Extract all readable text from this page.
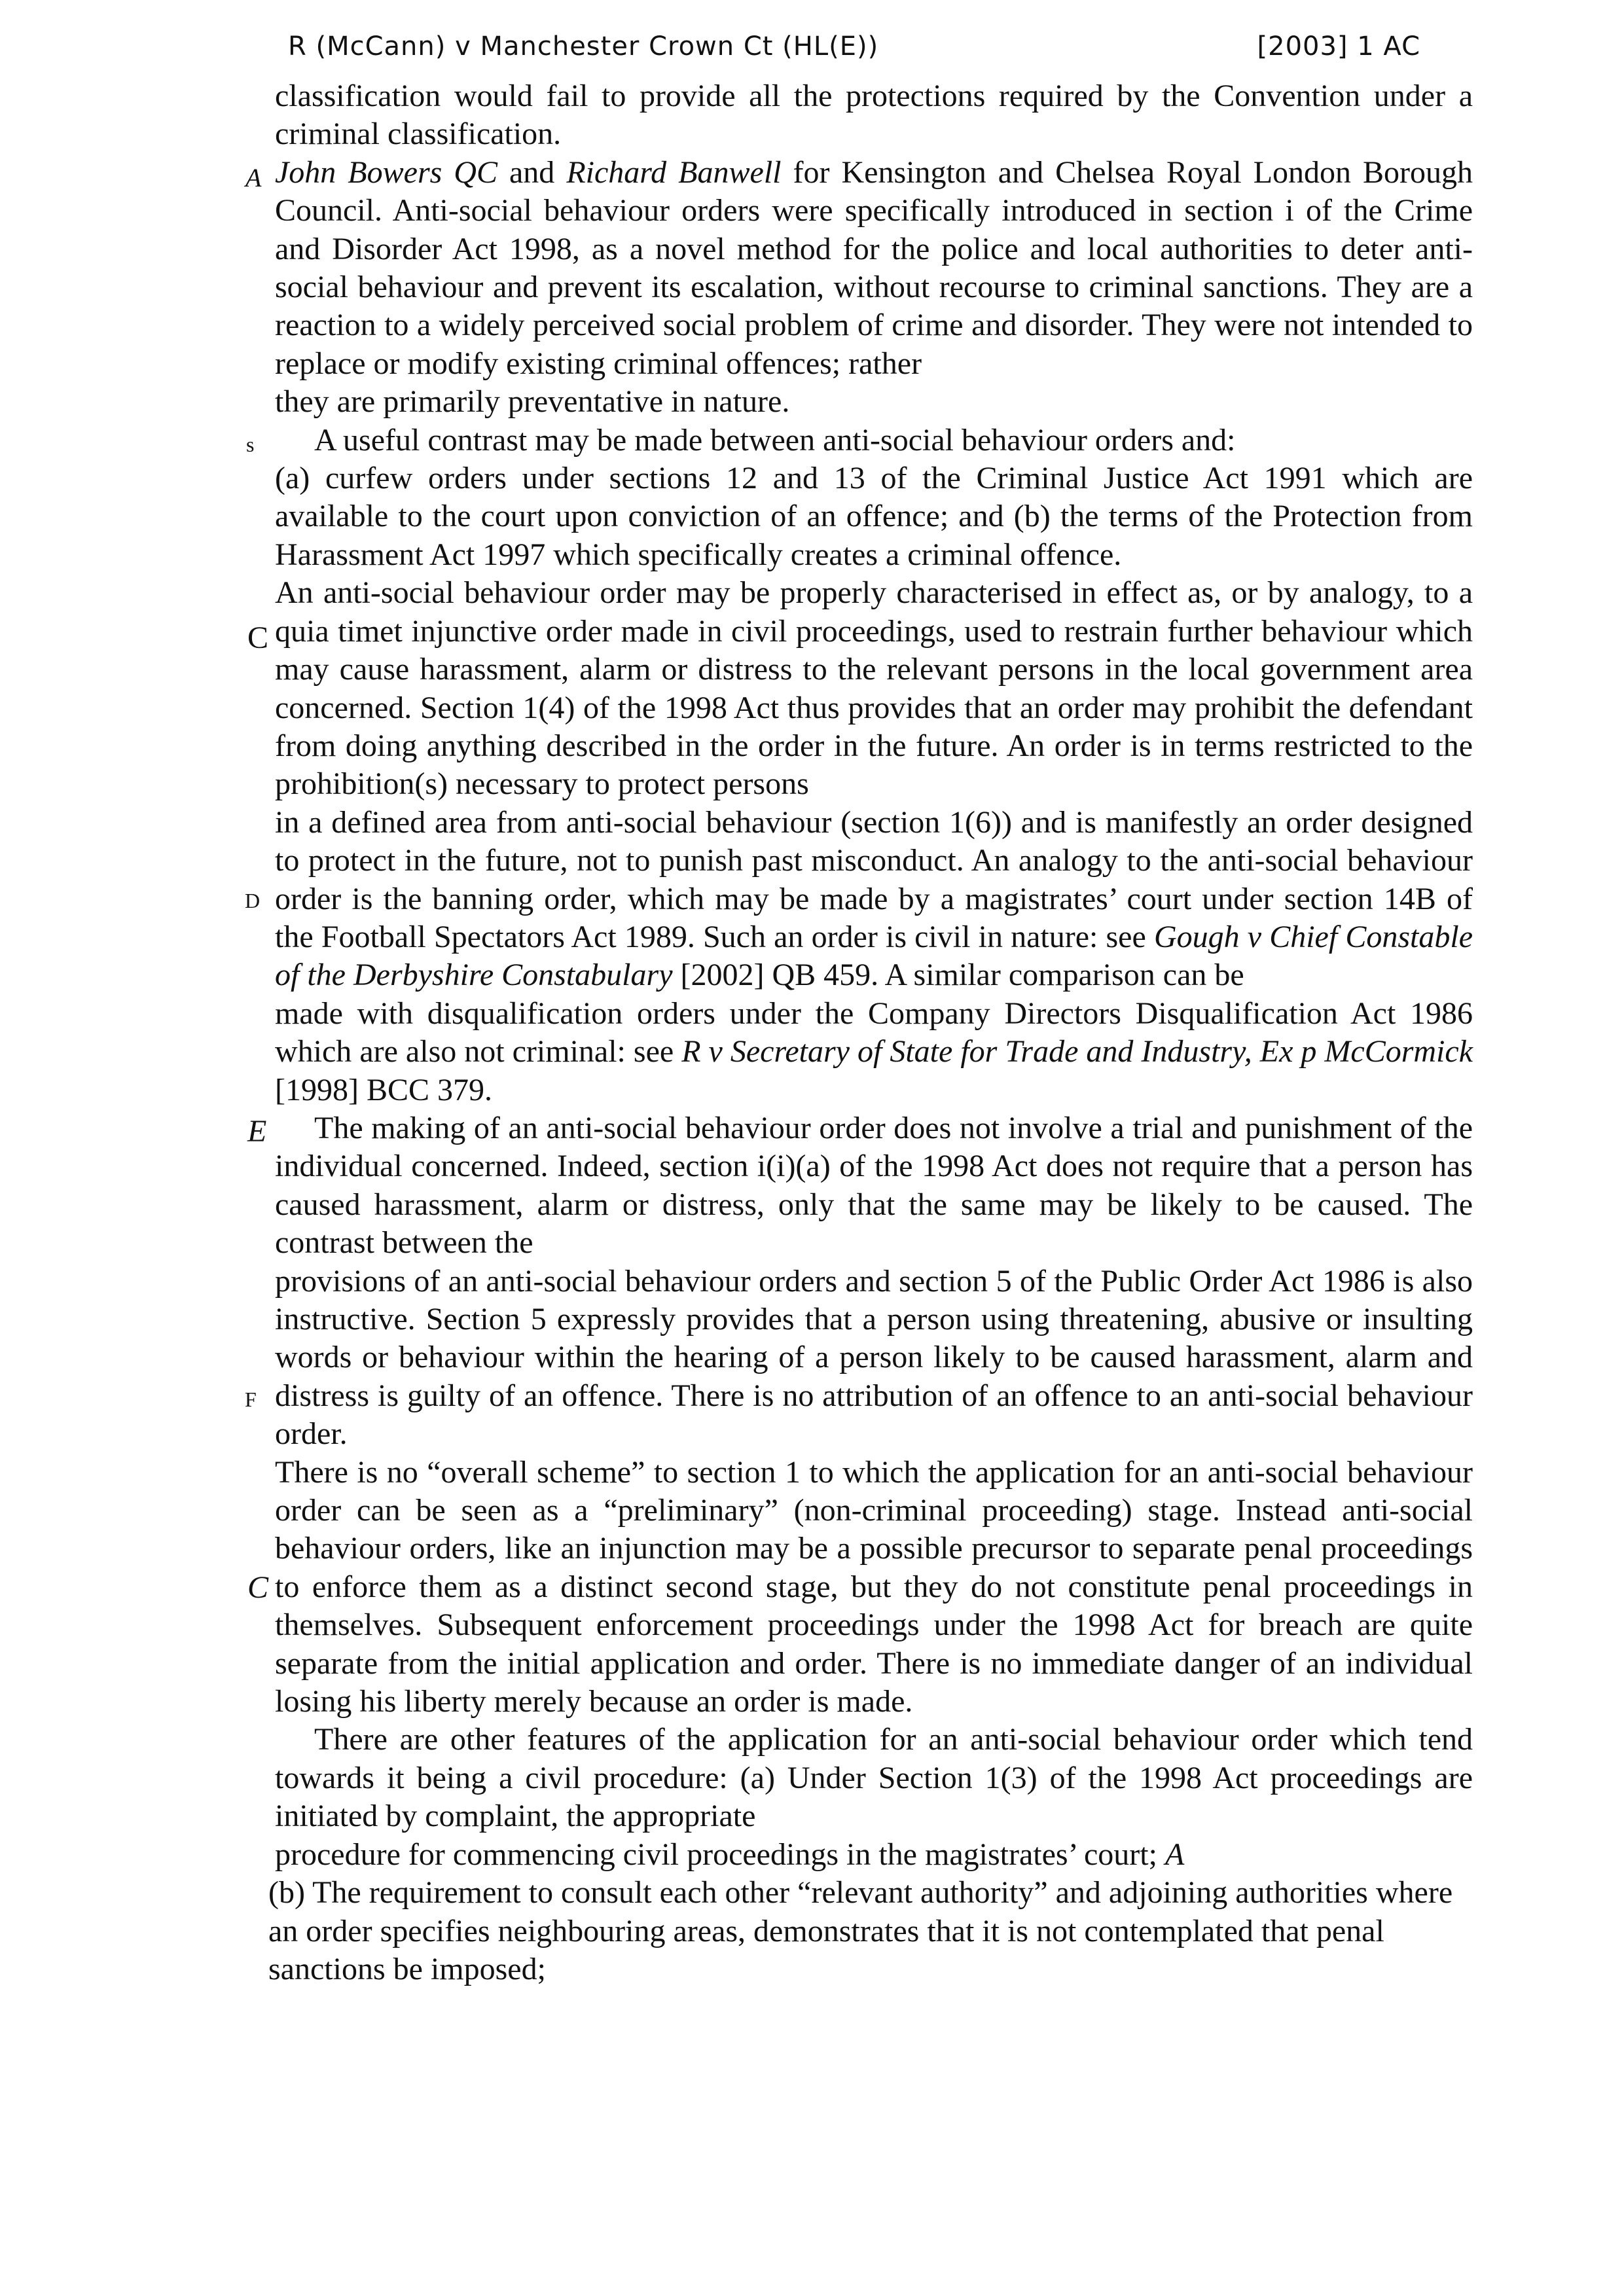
R (McCann) v Manchester Crown Ct (HL(E))	[2003] 1 AC
A
s
C
D
E
F
C

classification would fail to provide all the protections required by the Convention under a criminal classification.

John Bowers QC and Richard Banwell for Kensington and Chelsea Royal London Borough Council. Anti-social behaviour orders were specifically introduced in section i of the Crime and Disorder Act 1998, as a novel method for the police and local authorities to deter anti-social behaviour and prevent its escalation, without recourse to criminal sanctions. They are a reaction to a widely perceived social problem of crime and disorder. They were not intended to replace or modify existing criminal offences; rather

they are primarily preventative in nature.

A useful contrast may be made between anti-social behaviour orders and:

(a) curfew orders under sections 12 and 13 of the Criminal Justice Act 1991 which are available to the court upon conviction of an offence; and (b) the terms of the Protection from Harassment Act 1997 which specifically creates a criminal offence.

An anti-social behaviour order may be properly characterised in effect as, or by analogy, to a quia timet injunctive order made in civil proceedings, used to restrain further behaviour which may cause harassment, alarm or distress to the relevant persons in the local government area concerned. Section 1(4) of the 1998 Act thus provides that an order may prohibit the defendant from doing anything described in the order in the future. An order is in terms restricted to the prohibition(s) necessary to protect persons

in a defined area from anti-social behaviour (section 1(6)) and is manifestly an order designed to protect in the future, not to punish past misconduct. An analogy to the anti-social behaviour order is the banning order, which may be made by a magistrates’ court under section 14B of the Football Spectators Act 1989. Such an order is civil in nature: see Gough v Chief Constable of the Derbyshire Constabulary [2002] QB 459. A similar comparison can be

made with disqualification orders under the Company Directors Disqualification Act 1986 which are also not criminal: see R v Secretary of State for Trade and Industry, Ex p McCormick [1998] BCC 379.

The making of an anti-social behaviour order does not involve a trial and punishment of the individual concerned. Indeed, section i(i)(a) of the 1998 Act does not require that a person has caused harassment, alarm or distress, only that the same may be likely to be caused. The contrast between the

provisions of an anti-social behaviour orders and section 5 of the Public Order Act 1986 is also instructive. Section 5 expressly provides that a person using threatening, abusive or insulting words or behaviour within the hearing of a person likely to be caused harassment, alarm and distress is guilty of an offence. There is no attribution of an offence to an anti-social behaviour order.

There is no “overall scheme” to section 1 to which the application for an anti-social behaviour order can be seen as a “preliminary” (non-criminal proceeding) stage. Instead anti-social behaviour orders, like an injunction may be a possible precursor to separate penal proceedings to enforce them as a distinct second stage, but they do not constitute penal proceedings in themselves. Subsequent enforcement proceedings under the 1998 Act for breach are quite separate from the initial application and order. There is no immediate danger of an individual losing his liberty merely because an order is made.

There are other features of the application for an anti-social behaviour order which tend towards it being a civil procedure: (a) Under Section 1(3) of the 1998 Act proceedings are initiated by complaint, the appropriate

procedure for commencing civil proceedings in the magistrates’ court; A

(b) The requirement to consult each other “relevant authority” and adjoining authorities where an order specifies neighbouring areas, demonstrates that it is not contemplated that penal sanctions be imposed;
